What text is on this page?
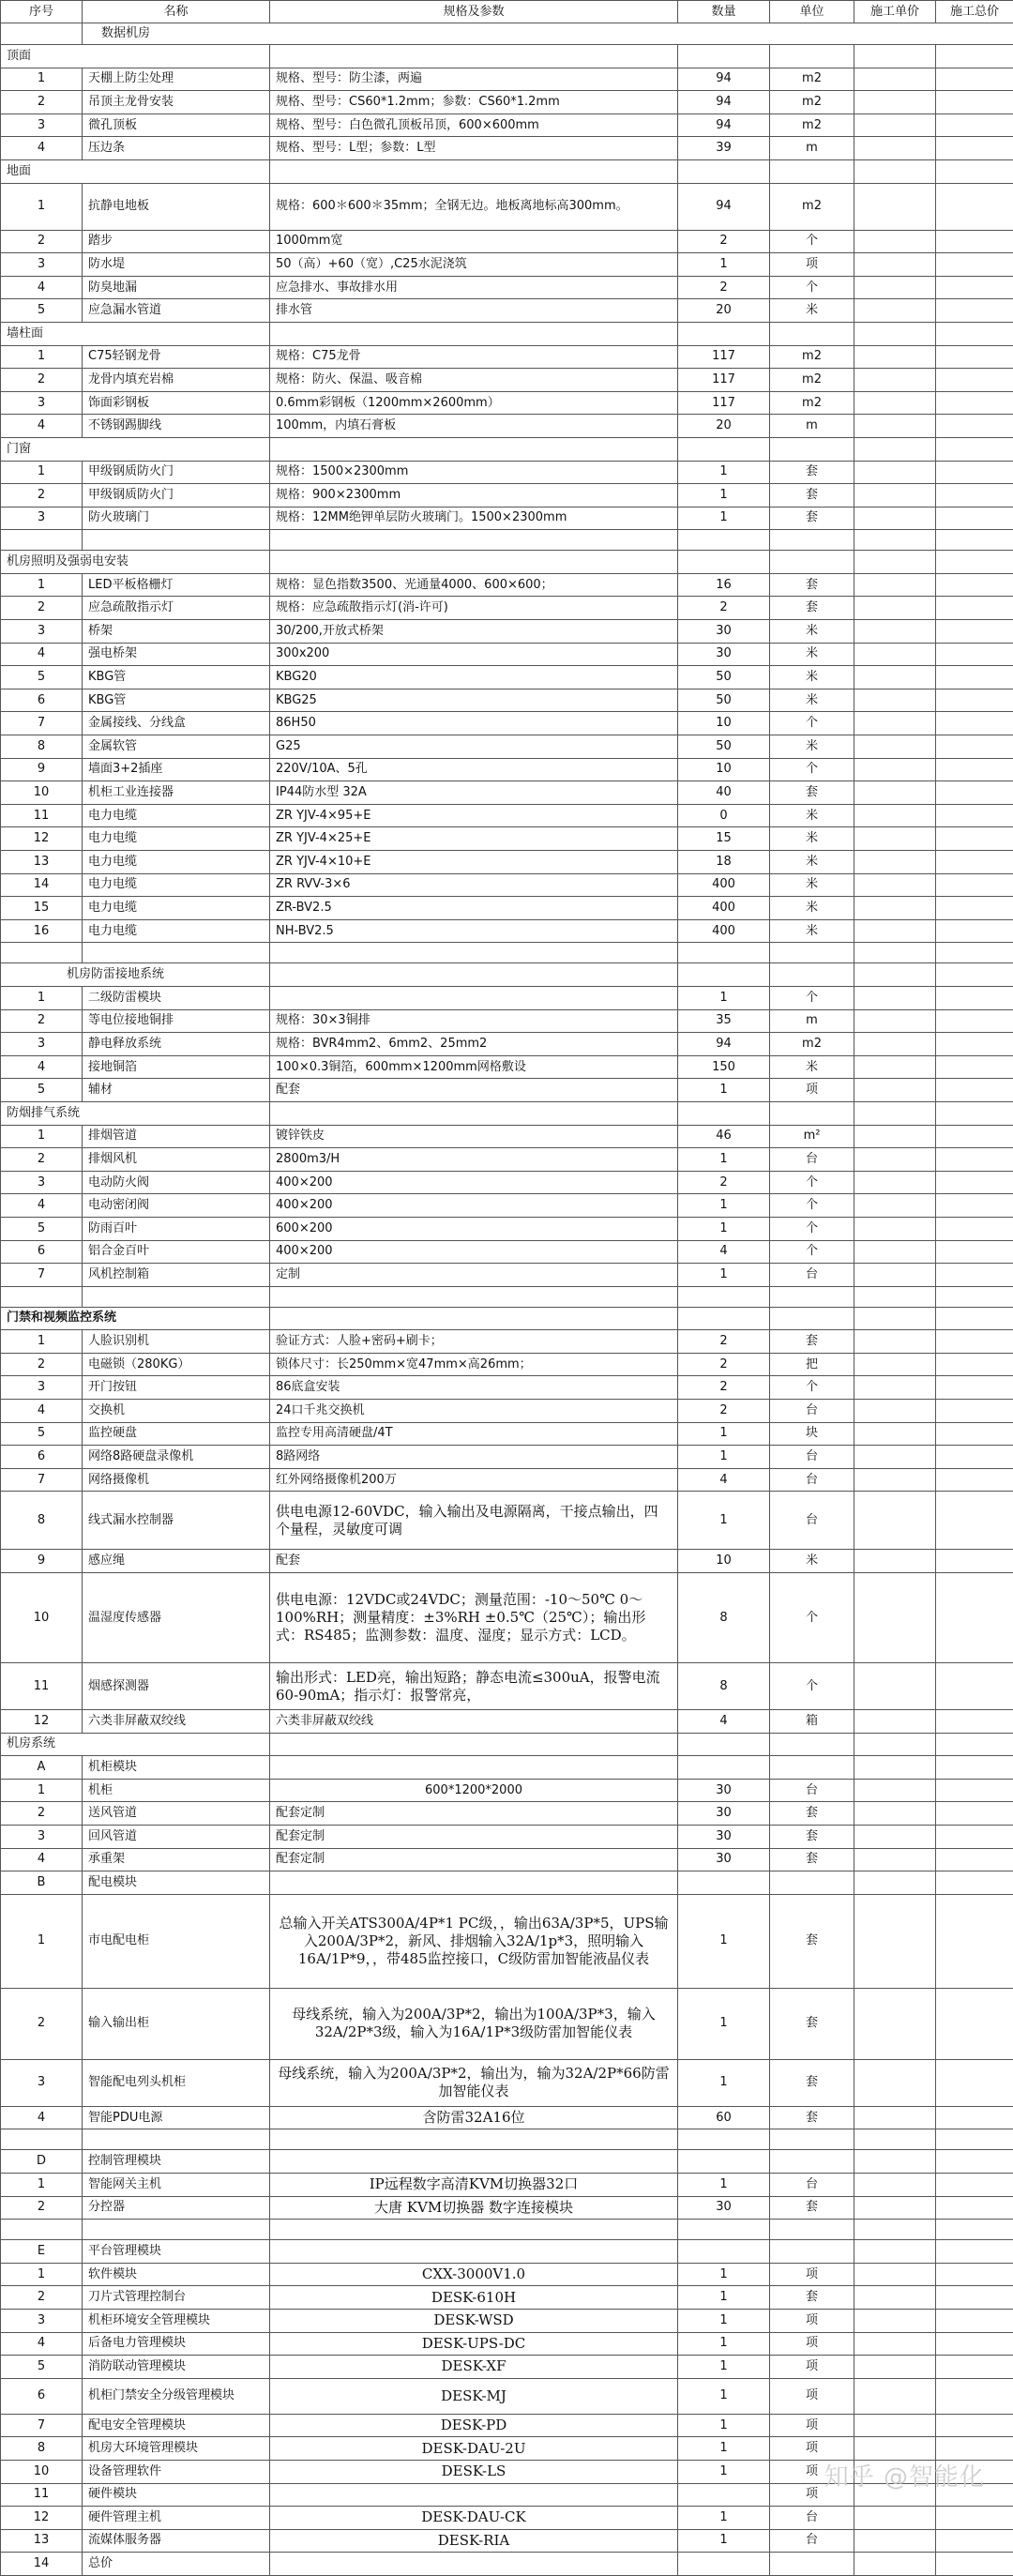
序号	名称	规格及参数	数量	单位	施工单价	施工总价
	数据机房					
顶面						
1	天棚上防尘处理	规格、型号：防尘漆，两遍	94	m2		
2	吊顶主龙骨安装	规格、型号：CS60*1.2mm；参数：CS60*1.2mm	94	m2		
3	微孔顶板	规格、型号：白色微孔顶板吊顶，600×600mm	94	m2		
4	压边条	规格、型号：L型；参数：L型	39	m		
地面						
1	抗静电地板	规格：600＊600＊35mm；全钢无边。地板离地标高300mm。	94	m2		
2	踏步	1000mm宽	2	个		
3	防水堤	50（高）+60（宽）,C25水泥浇筑	1	项		
4	防臭地漏	应急排水、事故排水用	2	个		
5	应急漏水管道	排水管	20	米		
墙柱面						
1	C75轻钢龙骨	规格：C75龙骨	117	m2		
2	龙骨内填充岩棉	规格：防火、保温、吸音棉	117	m2		
3	饰面彩钢板	0.6mm彩钢板（1200mm×2600mm）	117	m2		
4	不锈钢踢脚线	100mm，内填石膏板	20	m		
门窗						
1	甲级钢质防火门	规格：1500×2300mm	1	套		
2	甲级钢质防火门	规格：900×2300mm	1	套		
3	防火玻璃门	规格：12MM绝钾单层防火玻璃门。1500×2300mm	1	套		

机房照明及强弱电安装						
1	LED平板格栅灯	规格：显色指数3500、光通量4000、600×600；	16	套		
2	应急疏散指示灯	规格：应急疏散指示灯(消-许可)	2	套		
3	桥架	30/200,开放式桥架	30	米		
4	强电桥架	300x200	30	米		
5	KBG管	KBG20	50	米		
6	KBG管	KBG25	50	米		
7	金属接线、分线盒	86H50	10	个		
8	金属软管	G25	50	米		
9	墙面3+2插座	220V/10A、5孔	10	个		
10	机柜工业连接器	IP44防水型 32A	40	套		
11	电力电缆	ZR YJV-4×95+E	0	米		
12	电力电缆	ZR YJV-4×25+E	15	米		
13	电力电缆	ZR YJV-4×10+E	18	米		
14	电力电缆	ZR RVV-3×6	400	米		
15	电力电缆	ZR-BV2.5	400	米		
16	电力电缆	NH-BV2.5	400	米		

机房防雷接地系统						
1	二级防雷模块		1	个		
2	等电位接地铜排	规格：30×3铜排	35	m		
3	静电释放系统	规格：BVR4mm2、6mm2、25mm2	94	m2		
4	接地铜箔	100×0.3铜箔，600mm×1200mm网格敷设	150	米		
5	辅材	配套	1	项		
防烟排气系统						
1	排烟管道	镀锌铁皮	46	m²		
2	排烟风机	2800m3/H	1	台		
3	电动防火阀	400×200	2	个		
4	电动密闭阀	400×200	1	个		
5	防雨百叶	600×200	1	个		
6	铝合金百叶	400×200	4	个		
7	风机控制箱	定制	1	台		

门禁和视频监控系统						
1	人脸识别机	验证方式：人脸+密码+刷卡；	2	套		
2	电磁锁（280KG）	锁体尺寸：长250mm×宽47mm×高26mm；	2	把		
3	开门按钮	86底盒安装	2	个		
4	交换机	24口千兆交换机	2	台		
5	监控硬盘	监控专用高清硬盘/4T	1	块		
6	网络8路硬盘录像机	8路网络	1	台		
7	网络摄像机	红外网络摄像机200万	4	台		
8	线式漏水控制器	供电电源12-60VDC，输入输出及电源隔离，干接点输出，四个量程，灵敏度可调	1	台		
9	感应绳	配套	10	米		
10	温湿度传感器	供电电源：12VDC或24VDC；测量范围：-10～50℃ 0～100%RH；测量精度：±3%RH ±0.5℃（25℃）；输出形式：RS485；监测参数：温度、湿度；显示方式：LCD。	8	个		
11	烟感探测器	输出形式：LED亮，输出短路；静态电流≤300uA，报警电流60-90mA；指示灯：报警常亮，	8	个		
12	六类非屏蔽双绞线	六类非屏蔽双绞线	4	箱		
机房系统						
A	机柜模块					
1	机柜	600*1200*2000	30	台		
2	送风管道	配套定制	30	套		
3	回风管道	配套定制	30	套		
4	承重架	配套定制	30	套		
B	配电模块					
1	市电配电柜	总输入开关ATS300A/4P*1 PC级，，输出63A/3P*5，UPS输入200A/3P*2，新风、排烟输入32A/1p*3，照明输入16A/1P*9，，带485监控接口，C级防雷加智能液晶仪表	1	套		
2	输入输出柜	母线系统，输入为200A/3P*2，输出为100A/3P*3，输入32A/2P*3级，输入为16A/1P*3级防雷加智能仪表	1	套		
3	智能配电列头机柜	母线系统，输入为200A/3P*2，输出为，输为32A/2P*66防雷加智能仪表	1	套		
4	智能PDU电源	含防雷32A16位	60	套		

D	控制管理模块					
1	智能网关主机	IP远程数字高清KVM切换器32口	1	台		
2	分控器	大唐 KVM切换器 数字连接模块	30	套		

E	平台管理模块					
1	软件模块	CXX-3000V1.0	1	项		
2	刀片式管理控制台	DESK-610H	1	套		
3	机柜环境安全管理模块	DESK-WSD	1	项		
4	后备电力管理模块	DESK-UPS-DC	1	项		
5	消防联动管理模块	DESK-XF	1	项		
6	机柜门禁安全分级管理模块	DESK-MJ	1	项		
7	配电安全管理模块	DESK-PD	1	项		
8	机房大环境管理模块	DESK-DAU-2U	1	项		
10	设备管理软件	DESK-LS	1	项		
11	硬件模块			项		
12	硬件管理主机	DESK-DAU-CK	1	台		
13	流媒体服务器	DESK-RIA	1	台		
14	总价					
知乎 @智能化
